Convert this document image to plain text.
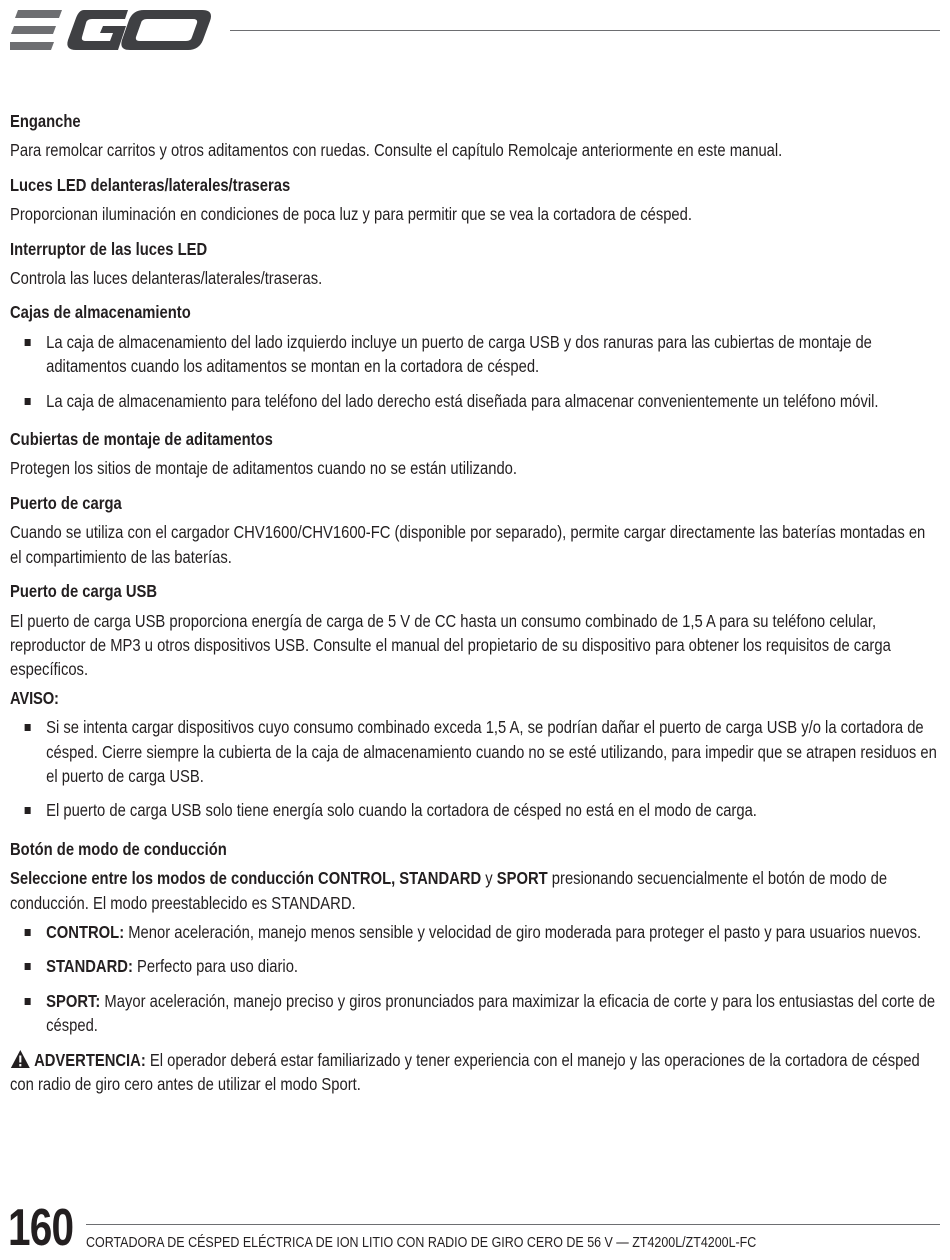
Enganche
Para remolcar carritos y otros aditamentos con ruedas. Consulte el capítulo Remolcaje anteriormente en este manual.
Luces LED delanteras/laterales/traseras
Proporcionan iluminación en condiciones de poca luz y para permitir que se vea la cortadora de césped.
Interruptor de las luces LED
Controla las luces delanteras/laterales/traseras.
Cajas de almacenamiento
La caja de almacenamiento del lado izquierdo incluye un puerto de carga USB y dos ranuras para las cubiertas de montaje de aditamentos cuando los aditamentos se montan en la cortadora de césped.
La caja de almacenamiento para teléfono del lado derecho está diseñada para almacenar convenientemente un teléfono móvil.
Cubiertas de montaje de aditamentos
Protegen los sitios de montaje de aditamentos cuando no se están utilizando.
Puerto de carga
Cuando se utiliza con el cargador CHV1600/CHV1600-FC (disponible por separado), permite cargar directamente las baterías montadas en el compartimiento de las baterías.
Puerto de carga USB
El puerto de carga USB proporciona energía de carga de 5 V de CC hasta un consumo combinado de 1,5 A para su teléfono celular, reproductor de MP3 u otros dispositivos USB. Consulte el manual del propietario de su dispositivo para obtener los requisitos de carga específicos.
AVISO:
Si se intenta cargar dispositivos cuyo consumo combinado exceda 1,5 A, se podrían dañar el puerto de carga USB y/o la cortadora de césped. Cierre siempre la cubierta de la caja de almacenamiento cuando no se esté utilizando, para impedir que se atrapen residuos en el puerto de carga USB.
El puerto de carga USB solo tiene energía solo cuando la cortadora de césped no está en el modo de carga.
Botón de modo de conducción
Seleccione entre los modos de conducción CONTROL, STANDARD y SPORT presionando secuencialmente el botón de modo de conducción. El modo preestablecido es STANDARD.
CONTROL: Menor aceleración, manejo menos sensible y velocidad de giro moderada para proteger el pasto y para usuarios nuevos.
STANDARD: Perfecto para uso diario.
SPORT: Mayor aceleración, manejo preciso y giros pronunciados para maximizar la eficacia de corte y para los entusiastas del corte de césped.
ADVERTENCIA: El operador deberá estar familiarizado y tener experiencia con el manejo y las operaciones de la cortadora de césped con radio de giro cero antes de utilizar el modo Sport.
160 CORTADORA DE CÉSPED ELÉCTRICA DE ION LITIO CON RADIO DE GIRO CERO DE 56 V — ZT4200L/ZT4200L-FC
